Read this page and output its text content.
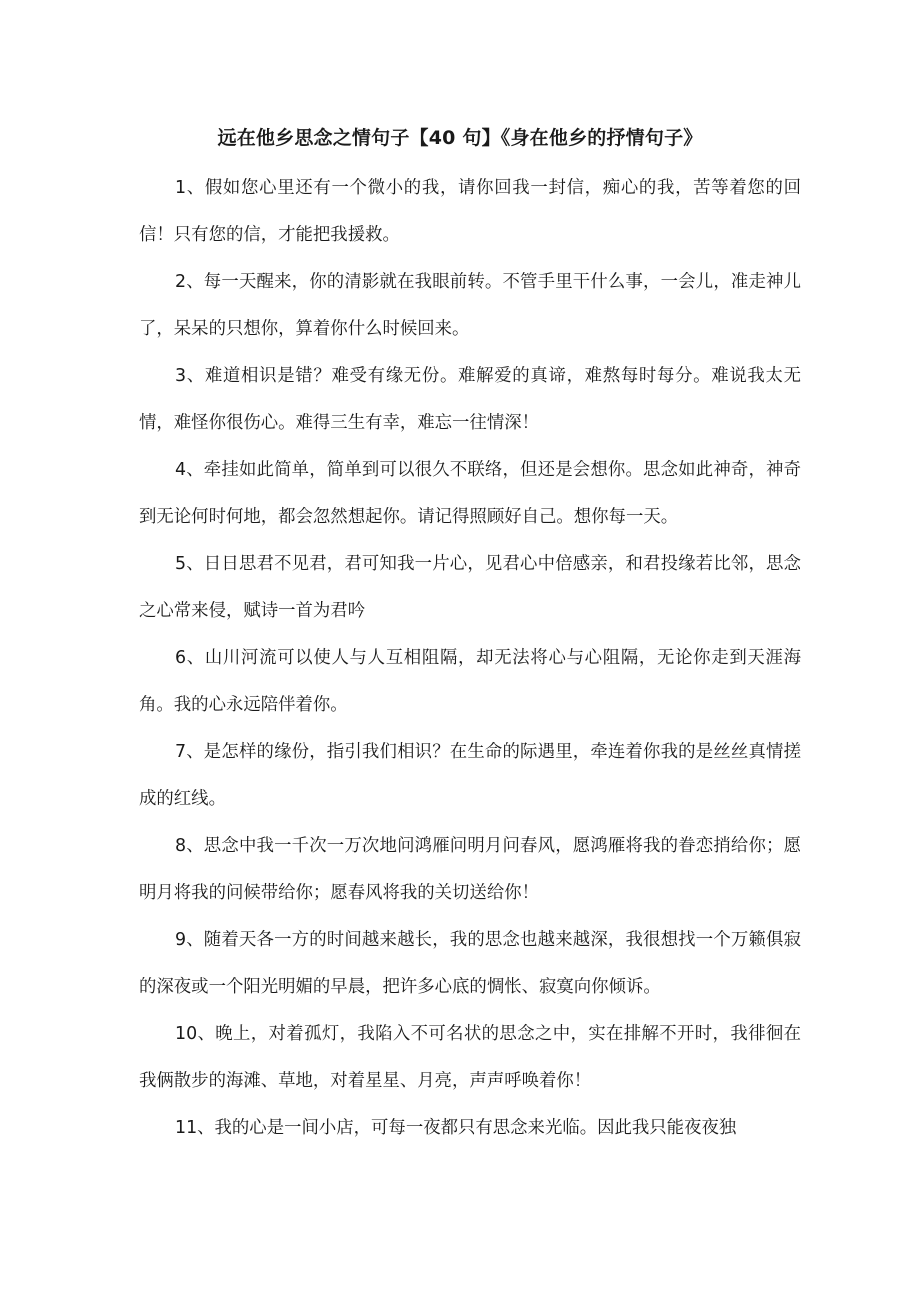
远在他乡思念之情句子【40 句】《身在他乡的抒情句子》

1、假如您心里还有一个微小的我，请你回我一封信，痴心的我，苦等着您的回信！只有您的信，才能把我援救。

2、每一天醒来，你的清影就在我眼前转。不管手里干什么事，一会儿，准走神儿了，呆呆的只想你，算着你什么时候回来。

3、难道相识是错？难受有缘无份。难解爱的真谛，难熬每时每分。难说我太无情，难怪你很伤心。难得三生有幸，难忘一往情深！

4、牵挂如此简单，简单到可以很久不联络，但还是会想你。思念如此神奇，神奇到无论何时何地，都会忽然想起你。请记得照顾好自己。想你每一天。

5、日日思君不见君，君可知我一片心，见君心中倍感亲，和君投缘若比邻，思念之心常来侵，赋诗一首为君吟

6、山川河流可以使人与人互相阻隔，却无法将心与心阻隔，无论你走到天涯海角。我的心永远陪伴着你。

7、是怎样的缘份，指引我们相识？在生命的际遇里，牵连着你我的是丝丝真情搓成的红线。

8、思念中我一千次一万次地问鸿雁问明月问春风，愿鸿雁将我的眷恋捎给你；愿明月将我的问候带给你；愿春风将我的关切送给你！

9、随着天各一方的时间越来越长，我的思念也越来越深，我很想找一个万籁俱寂的深夜或一个阳光明媚的早晨，把许多心底的惆怅、寂寞向你倾诉。

10、晚上，对着孤灯，我陷入不可名状的思念之中，实在排解不开时，我徘徊在我俩散步的海滩、草地，对着星星、月亮，声声呼唤着你！

11、我的心是一间小店，可每一夜都只有思念来光临。因此我只能夜夜独
